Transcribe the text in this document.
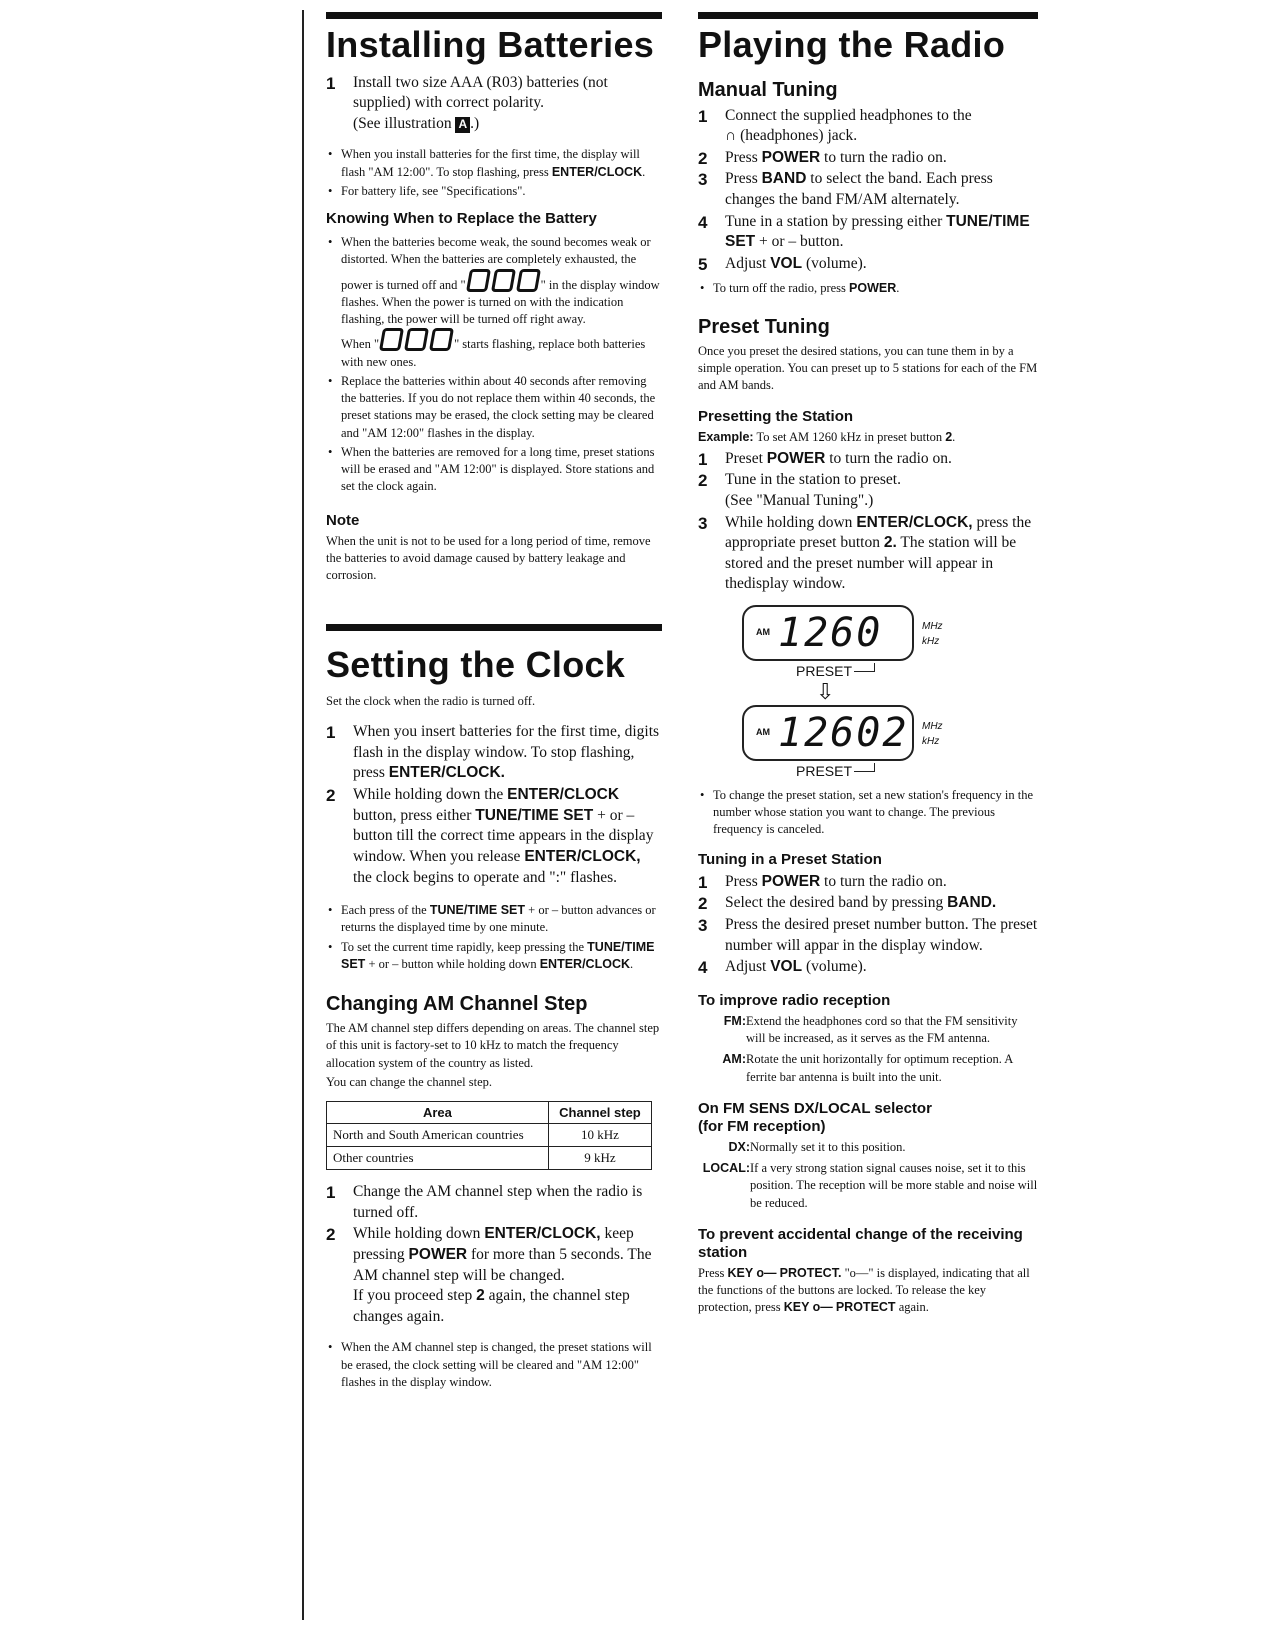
Installing Batteries
1 Install two size AAA (R03) batteries (not supplied) with correct polarity.
(See illustration A .)
• When you install batteries for the first time, the display will flash "AM 12:00". To stop flashing, press ENTER/CLOCK.
• For battery life, see "Specifications".
Knowing When to Replace the Battery
• When the batteries become weak, the sound becomes weak or distorted. When the batteries are completely exhausted, the power is turned off and "	" in the display window flashes. When the power is turned on with the indication flashing, the power will be turned off right away.
When "	" starts flashing, replace both batteries with new ones.
• Replace the batteries within about 40 seconds after removing the batteries. If you do not replace them within 40 seconds, the preset stations may be erased, the clock setting may be cleared and "AM 12:00" flashes in the display.
• When the batteries are removed for a long time, preset stations will be erased and "AM 12:00" is displayed. Store stations and set the clock again.
Note

When the unit is not to be used for a long period of time, remove the batteries to avoid damage caused by battery leakage and corrosion.

Setting the Clock

Set the clock when the radio is turned off.

1 When you insert batteries for the first time, digits flash in the display window. To stop flashing, press ENTER/CLOCK.
2 While holding down the ENTER/CLOCK button, press either TUNE/TIME SET + or – button till the correct time appears in the display window. When you release ENTER/CLOCK, the clock begins to operate and ":" flashes.
• Each press of the TUNE/TIME SET + or – button advances or returns the displayed time by one minute.
• To set the current time rapidly, keep pressing the TUNE/TIME SET + or – button while holding down ENTER/CLOCK.
Changing AM Channel Step

The AM channel step differs depending on areas. The channel step of this unit is factory-set to 10 kHz to match the frequency allocation system of the country as listed.

You can change the channel step.

Area	Channel step
North and South American countries	10 kHz
Other countries	9 kHz
1 Change the AM channel step when the radio is turned off.
2 While holding down ENTER/CLOCK, keep pressing POWER for more than 5 seconds. The AM channel step will be changed.
If you proceed step 2 again, the channel step changes again.
• When the AM channel step is changed, the preset stations will be erased, the clock setting will be cleared and "AM 12:00" flashes in the display window.
Playing the Radio
Manual Tuning
1 Connect the supplied headphones to the
∩ (headphones) jack.
2 Press POWER to turn the radio on.
3 Press BAND to select the band. Each press changes the band FM/AM alternately.
4 Tune in a station by pressing either TUNE/TIME SET + or – button.
5 Adjust VOL (volume).
• To turn off the radio, press POWER.
Preset Tuning

Once you preset the desired stations, you can tune them in by a simple operation. You can preset up to 5 stations for each of the FM and AM bands.

Presetting the Station

Example: To set AM 1260 kHz in preset button 2.

1 Preset POWER to turn the radio on.
2 Tune in the station to preset.
(See "Manual Tuning".)
3 While holding down ENTER/CLOCK, press the appropriate preset button 2. The station will be stored and the preset number will appear in thedisplay window.
AM 1260	MHz
kHz
PRESET
⇩
AM 12602 MHz
kHz
PRESET
• To change the preset station, set a new station's frequency in the number whose station you want to change. The previous frequency is canceled.
Tuning in a Preset Station
1 Press POWER to turn the radio on.
2 Select the desired band by pressing BAND.
3 Press the desired preset number button. The preset number will appar in the display window.
4 Adjust VOL (volume).
To improve radio reception
FM: Extend the headphones cord so that the FM sensitivity will be increased, as it serves as the FM antenna.
AM: Rotate the unit horizontally for optimum reception. A ferrite bar antenna is built into the unit.
On FM SENS DX/LOCAL selector
(for FM reception)
DX: Normally set it to this position.
LOCAL: If a very strong station signal causes noise, set it to this position. The reception will be more stable and noise will be reduced.
To prevent accidental change of the receiving station

Press KEY o— PROTECT. "o—" is displayed, indicating that all the functions of the buttons are locked. To release the key protection, press KEY o— PROTECT again.
